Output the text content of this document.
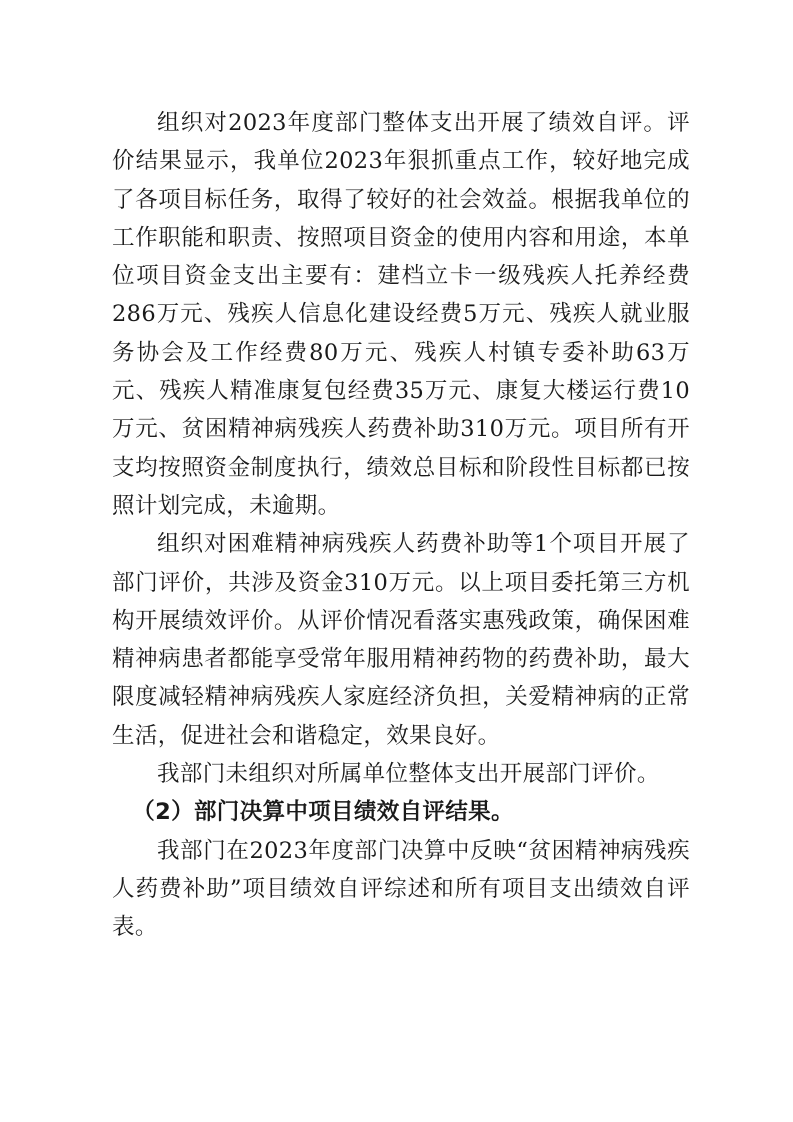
组织对2023年度部门整体支出开展了绩效自评。评价结果显示，我单位2023年狠抓重点工作，较好地完成了各项目标任务，取得了较好的社会效益。根据我单位的工作职能和职责、按照项目资金的使用内容和用途，本单位项目资金支出主要有：建档立卡一级残疾人托养经费286万元、残疾人信息化建设经费5万元、残疾人就业服务协会及工作经费80万元、残疾人村镇专委补助63万元、残疾人精准康复包经费35万元、康复大楼运行费10万元、贫困精神病残疾人药费补助310万元。项目所有开支均按照资金制度执行，绩效总目标和阶段性目标都已按照计划完成，未逾期。

组织对困难精神病残疾人药费补助等1个项目开展了部门评价，共涉及资金310万元。以上项目委托第三方机构开展绩效评价。从评价情况看落实惠残政策，确保困难精神病患者都能享受常年服用精神药物的药费补助，最大限度减轻精神病残疾人家庭经济负担，关爱精神病的正常生活，促进社会和谐稳定，效果良好。

我部门未组织对所属单位整体支出开展部门评价。

（2）部门决算中项目绩效自评结果。

我部门在2023年度部门决算中反映“贫困精神病残疾人药费补助”项目绩效自评综述和所有项目支出绩效自评表。
